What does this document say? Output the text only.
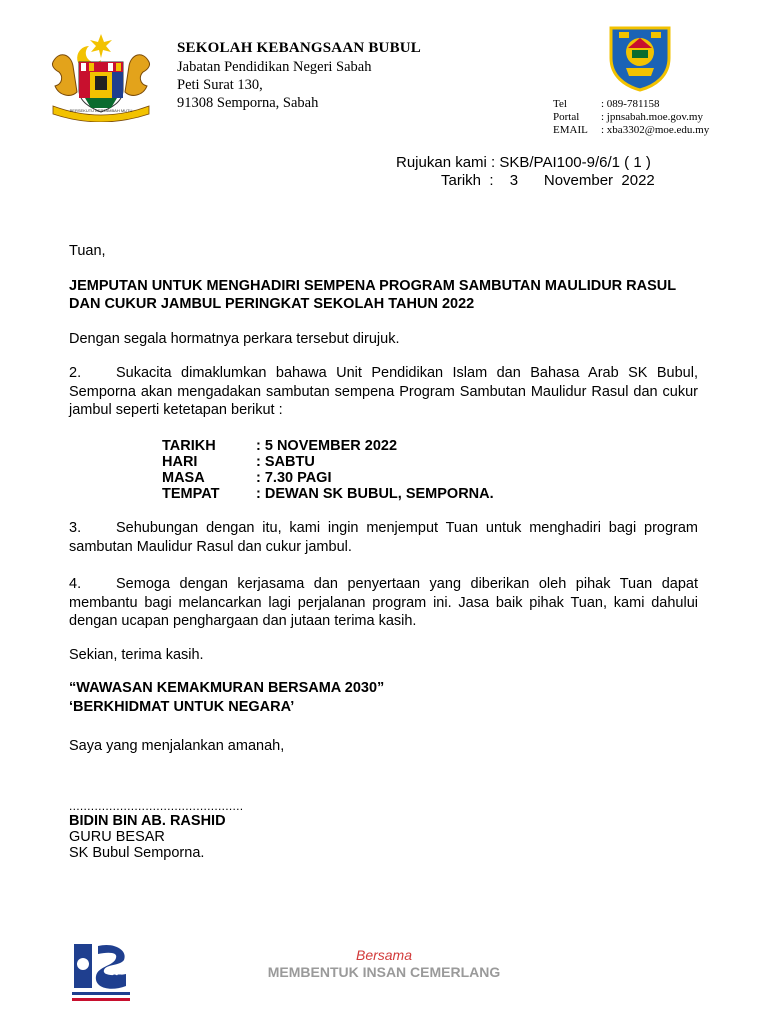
BERSEKUTU BERTAMBAH MUTU
SEKOLAH KEBANGSAAN BUBUL
Jabatan Pendidikan Negeri Sabah
Peti Surat 130,
91308 Semporna, Sabah	Tel	: 089-781158
Portal : jpnsabah.moe.gov.my
EMAIL : xba3302@moe.edu.my
Rujukan kami : SKB/PAI100-9/6/1 ( 1 )
Tarikh  : 3 November  2022
Tuan,
JEMPUTAN UNTUK MENGHADIRI SEMPENA PROGRAM SAMBUTAN MAULIDUR RASUL
DAN CUKUR JAMBUL PERINGKAT SEKOLAH TAHUN 2022
Dengan segala hormatnya perkara tersebut dirujuk.
2. Sukacita dimaklumkan bahawa Unit Pendidikan Islam dan Bahasa Arab SK Bubul, Semporna akan mengadakan sambutan sempena Program Sambutan Maulidur Rasul dan cukur jambul seperti ketetapan berikut :
TARIKH	: 5 NOVEMBER 2022
HARI	: SABTU
MASA	: 7.30 PAGI
TEMPAT	: DEWAN SK BUBUL, SEMPORNA.
3. Sehubungan dengan itu, kami ingin menjemput Tuan untuk menghadiri bagi program sambutan Maulidur Rasul dan cukur jambul.
4. Semoga dengan kerjasama dan penyertaan yang diberikan oleh pihak Tuan dapat membantu bagi melancarkan lagi perjalanan program ini. Jasa baik pihak Tuan, kami dahului dengan ucapan penghargaan dan jutaan terima kasih.
Sekian, terima kasih.
“WAWASAN KEMAKMURAN BERSAMA 2030”
‘BERKHIDMAT UNTUK NEGARA’
Saya yang menjalankan amanah,
................................................
BIDIN BIN AB. RASHID
GURU BESAR
SK Bubul Semporna.
25
Bersama
MEMBENTUK INSAN CEMERLANG
